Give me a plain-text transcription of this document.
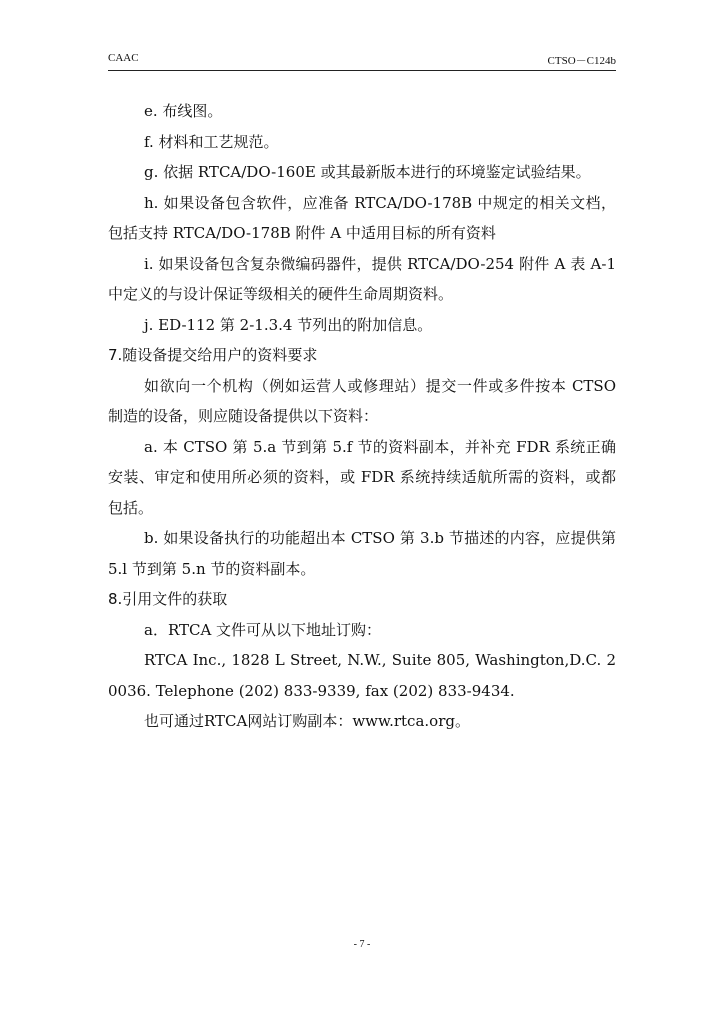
CAAC	CTSO－C124b

e. 布线图。

f. 材料和工艺规范。

g. 依据 RTCA/DO-160E 或其最新版本进行的环境鉴定试验结果。

h. 如果设备包含软件，应准备 RTCA/DO-178B 中规定的相关文档，包括支持 RTCA/DO-178B 附件 A 中适用目标的所有资料

i. 如果设备包含复杂微编码器件，提供 RTCA/DO-254 附件 A 表 A-1 中定义的与设计保证等级相关的硬件生命周期资料。

j. ED-112 第 2-1.3.4 节列出的附加信息。

7.随设备提交给用户的资料要求

如欲向一个机构（例如运营人或修理站）提交一件或多件按本 CTSO 制造的设备，则应随设备提供以下资料：

a. 本 CTSO 第 5.a 节到第 5.f 节的资料副本，并补充 FDR 系统正确安装、审定和使用所必须的资料，或 FDR 系统持续适航所需的资料，或都包括。

b. 如果设备执行的功能超出本 CTSO 第 3.b 节描述的内容，应提供第 5.l 节到第 5.n 节的资料副本。

8.引用文件的获取

a．RTCA 文件可从以下地址订购：

RTCA Inc., 1828 L Street, N.W., Suite 805, Washington,D.C. 20036. Telephone (202) 833-9339, fax (202) 833-9434.

也可通过RTCA网站订购副本：www.rtca.org。

- 7 -
